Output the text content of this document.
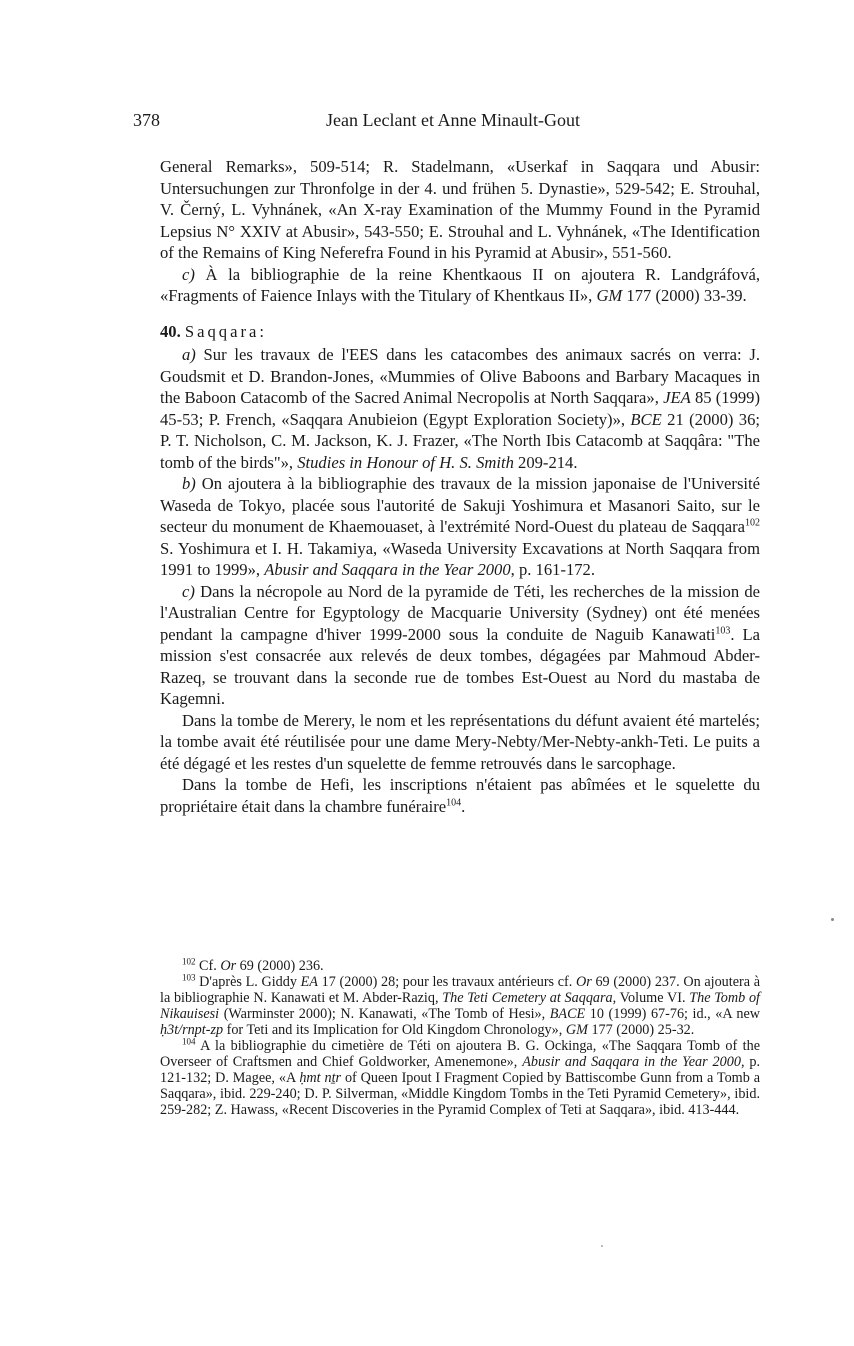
378	Jean Leclant et Anne Minault-Gout

General Remarks», 509-514; R. Stadelmann, «Userkaf in Saqqara und Abusir: Untersuchungen zur Thronfolge in der 4. und frühen 5. Dynastie», 529-542; E. Strouhal, V. Černý, L. Vyhnánek, «An X-ray Examination of the Mummy Found in the Pyramid Lepsius N° XXIV at Abusir», 543-550; E. Strouhal and L. Vyhnánek, «The Identification of the Remains of King Neferefra Found in his Pyramid at Abusir», 551-560.

c) À la bibliographie de la reine Khentkaous II on ajoutera R. Landgráfová, «Fragments of Faience Inlays with the Titulary of Khentkaus II», GM 177 (2000) 33-39.

40. Saqqara:

a) Sur les travaux de l'EES dans les catacombes des animaux sacrés on verra: J. Goudsmit et D. Brandon-Jones, «Mummies of Olive Baboons and Barbary Macaques in the Baboon Catacomb of the Sacred Animal Necropolis at North Saqqara», JEA 85 (1999) 45-53; P. French, «Saqqara Anubieion (Egypt Exploration Society)», BCE 21 (2000) 36; P. T. Nicholson, C. M. Jackson, K. J. Frazer, «The North Ibis Catacomb at Saqqâra: "The tomb of the birds"», Studies in Honour of H. S. Smith 209-214.

b) On ajoutera à la bibliographie des travaux de la mission japonaise de l'Université Waseda de Tokyo, placée sous l'autorité de Sakuji Yoshimura et Masanori Saito, sur le secteur du monument de Khaemouaset, à l'extrémité Nord-Ouest du plateau de Saqqara$^{102}$ S. Yoshimura et I. H. Takamiya, «Waseda University Excavations at North Saqqara from 1991 to 1999», Abusir and Saqqara in the Year 2000, p. 161-172.

c) Dans la nécropole au Nord de la pyramide de Téti, les recherches de la mission de l'Australian Centre for Egyptology de Macquarie University (Sydney) ont été menées pendant la campagne d'hiver 1999-2000 sous la conduite de Naguib Kanawati$^{103}$. La mission s'est consacrée aux relevés de deux tombes, dégagées par Mahmoud Abder-Razeq, se trouvant dans la seconde rue de tombes Est-Ouest au Nord du mastaba de Kagemni.

Dans la tombe de Merery, le nom et les représentations du défunt avaient été martelés; la tombe avait été réutilisée pour une dame Mery-Nebty/Mer-Nebty-ankh-Teti. Le puits a été dégagé et les restes d'un squelette de femme retrouvés dans le sarcophage.

Dans la tombe de Hefi, les inscriptions n'étaient pas abîmées et le squelette du propriétaire était dans la chambre funéraire$^{104}$.

$^{102}$ Cf. Or 69 (2000) 236.

$^{103}$ D'après L. Giddy EA 17 (2000) 28; pour les travaux antérieurs cf. Or 69 (2000) 237. On ajoutera à la bibliographie N. Kanawati et M. Abder-Raziq, The Teti Cemetery at Saqqara, Volume VI. The Tomb of Nikauisesi (Warminster 2000); N. Kanawati, «The Tomb of Hesi», BACE 10 (1999) 67-76; id., «A new ḥ3t/rnpt-zp for Teti and its Implication for Old Kingdom Chronology», GM 177 (2000) 25-32.

$^{104}$ A la bibliographie du cimetière de Téti on ajoutera B. G. Ockinga, «The Saqqara Tomb of the Overseer of Craftsmen and Chief Goldworker, Amenemone», Abusir and Saqqara in the Year 2000, p. 121-132; D. Magee, «A ḥmt nṯr of Queen Ipout I Fragment Copied by Battiscombe Gunn from a Tomb a Saqqara», ibid. 229-240; D. P. Silverman, «Middle Kingdom Tombs in the Teti Pyramid Cemetery», ibid. 259-282; Z. Hawass, «Recent Discoveries in the Pyramid Complex of Teti at Saqqara», ibid. 413-444.
